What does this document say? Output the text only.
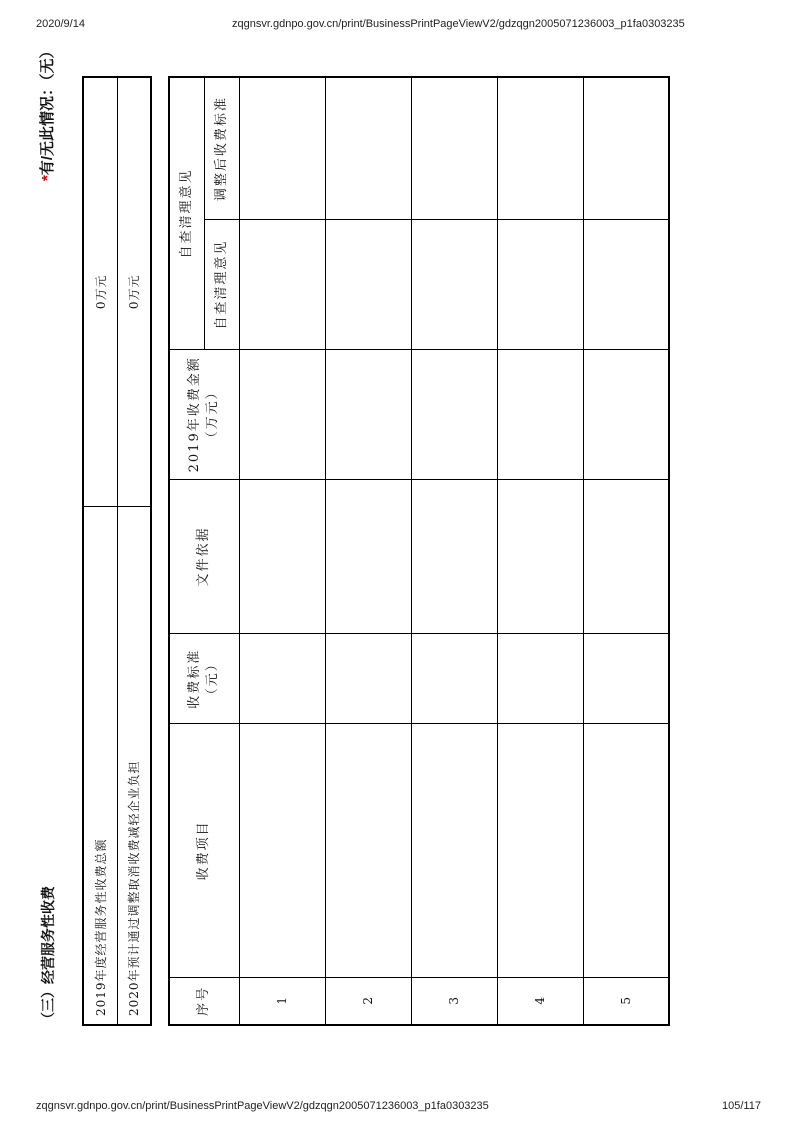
2020/9/14	zqgnsvr.gdnpo.gov.cn/print/BusinessPrintPageViewV2/gdzqgn2005071236003_p1fa0303235
（三）经营服务性收费
*有/无此情况：（无）
2019年度经营服务性收费总额	0万元
2020年预计通过调整取消收费减轻企业负担	0万元
序号	收费项目	收费标准（元）	文件依据	2019年收费金额（万元）	自查清理意见	
					自查清理意见	调整后收费标准
1						
2						
3						
4						
5						
zqgnsvr.gdnpo.gov.cn/print/BusinessPrintPageViewV2/gdzqgn2005071236003_p1fa0303235	105/117
